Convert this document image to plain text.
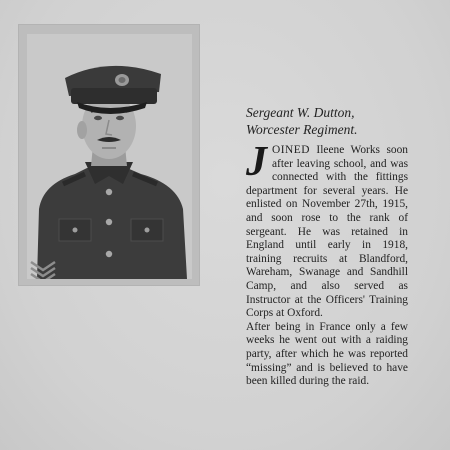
Sergeant W. Dutton,
Worcester Regiment.

JOINED Ileene Works soon after leaving school, and was connected with the fittings department for several years. He enlisted on November 27th, 1915, and soon rose to the rank of sergeant. He was retained in England until early in 1918, training recruits at Blandford, Wareham, Swanage and Sandhill Camp, and also served as Instructor at the Officers' Training Corps at Oxford.

After being in France only a few weeks he went out with a raiding party, after which he was reported “missing” and is believed to have been killed during the raid.
